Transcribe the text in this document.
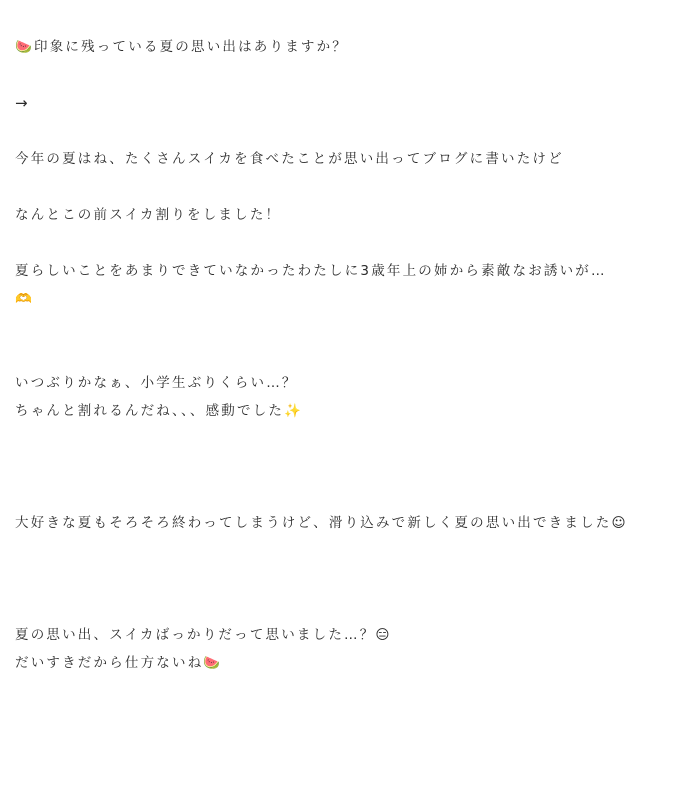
🍉印象に残っている夏の思い出はありますか？
→
今年の夏はね、たくさんスイカを食べたことが思い出ってブログに書いたけど
なんとこの前スイカ割りをしました！
夏らしいことをあまりできていなかったわたしに3歳年上の姉から素敵なお誘いが…
🫶
いつぶりかなぁ、小学生ぶりくらい…？
ちゃんと割れるんだね、、、感動でした✨
大好きな夏もそろそろ終わってしまうけど、滑り込みで新しく夏の思い出できました☺︎
夏の思い出、スイカばっかりだって思いました…？😑
だいすきだから仕方ないね🍉
